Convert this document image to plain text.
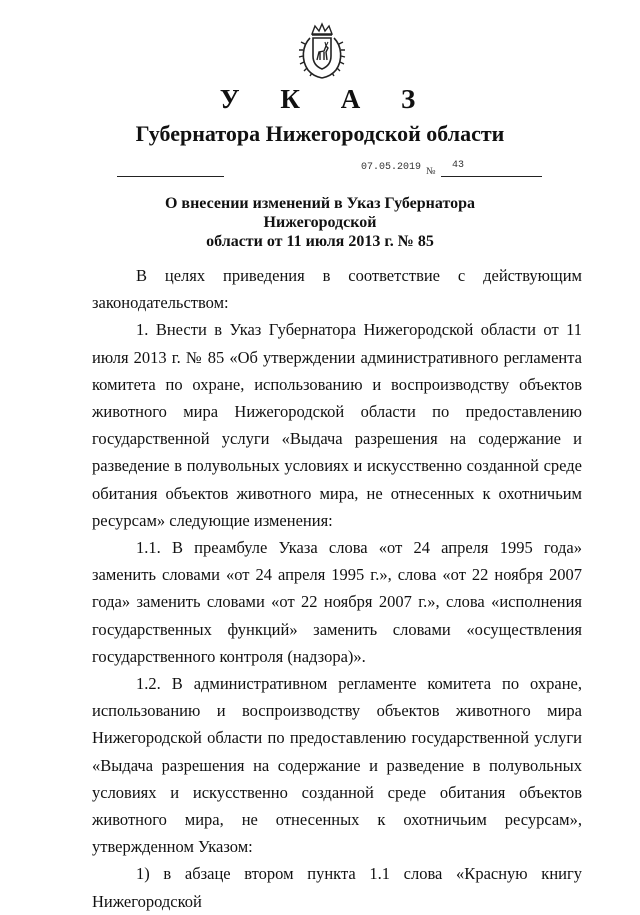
У К А З
Губернатора Нижегородской области
07.05.2019 №
43
О внесении изменений в Указ Губернатора Нижегородской
области от 11 июля 2013 г. № 85

В целях приведения в соответствие с действующим законодательством:

1. Внести в Указ Губернатора Нижегородской области от 11 июля 2013 г. № 85 «Об утверждении административного регламента комитета по охране, использованию и воспроизводству объектов животного мира Нижегородской области по предоставлению государственной услуги «Выдача разрешения на содержание и разведение в полувольных условиях и искусственно созданной среде обитания объектов животного мира, не отнесенных к охотничьим ресурсам» следующие изменения:

1.1. В преамбуле Указа слова «от 24 апреля 1995 года» заменить словами «от 24 апреля 1995 г.», слова «от 22 ноября 2007 года» заменить словами «от 22 ноября 2007 г.», слова «исполнения государственных функций» заменить словами «осуществления государственного контроля (надзора)».

1.2. В административном регламенте комитета по охране, использованию и воспроизводству объектов животного мира Нижегородской области по предоставлению государственной услуги «Выдача разрешения на содержание и разведение в полувольных условиях и искусственно созданной среде обитания объектов животного мира, не отнесенных к охотничьим ресурсам», утвержденном Указом:

1) в абзаце втором пункта 1.1 слова «Красную книгу Нижегородской
